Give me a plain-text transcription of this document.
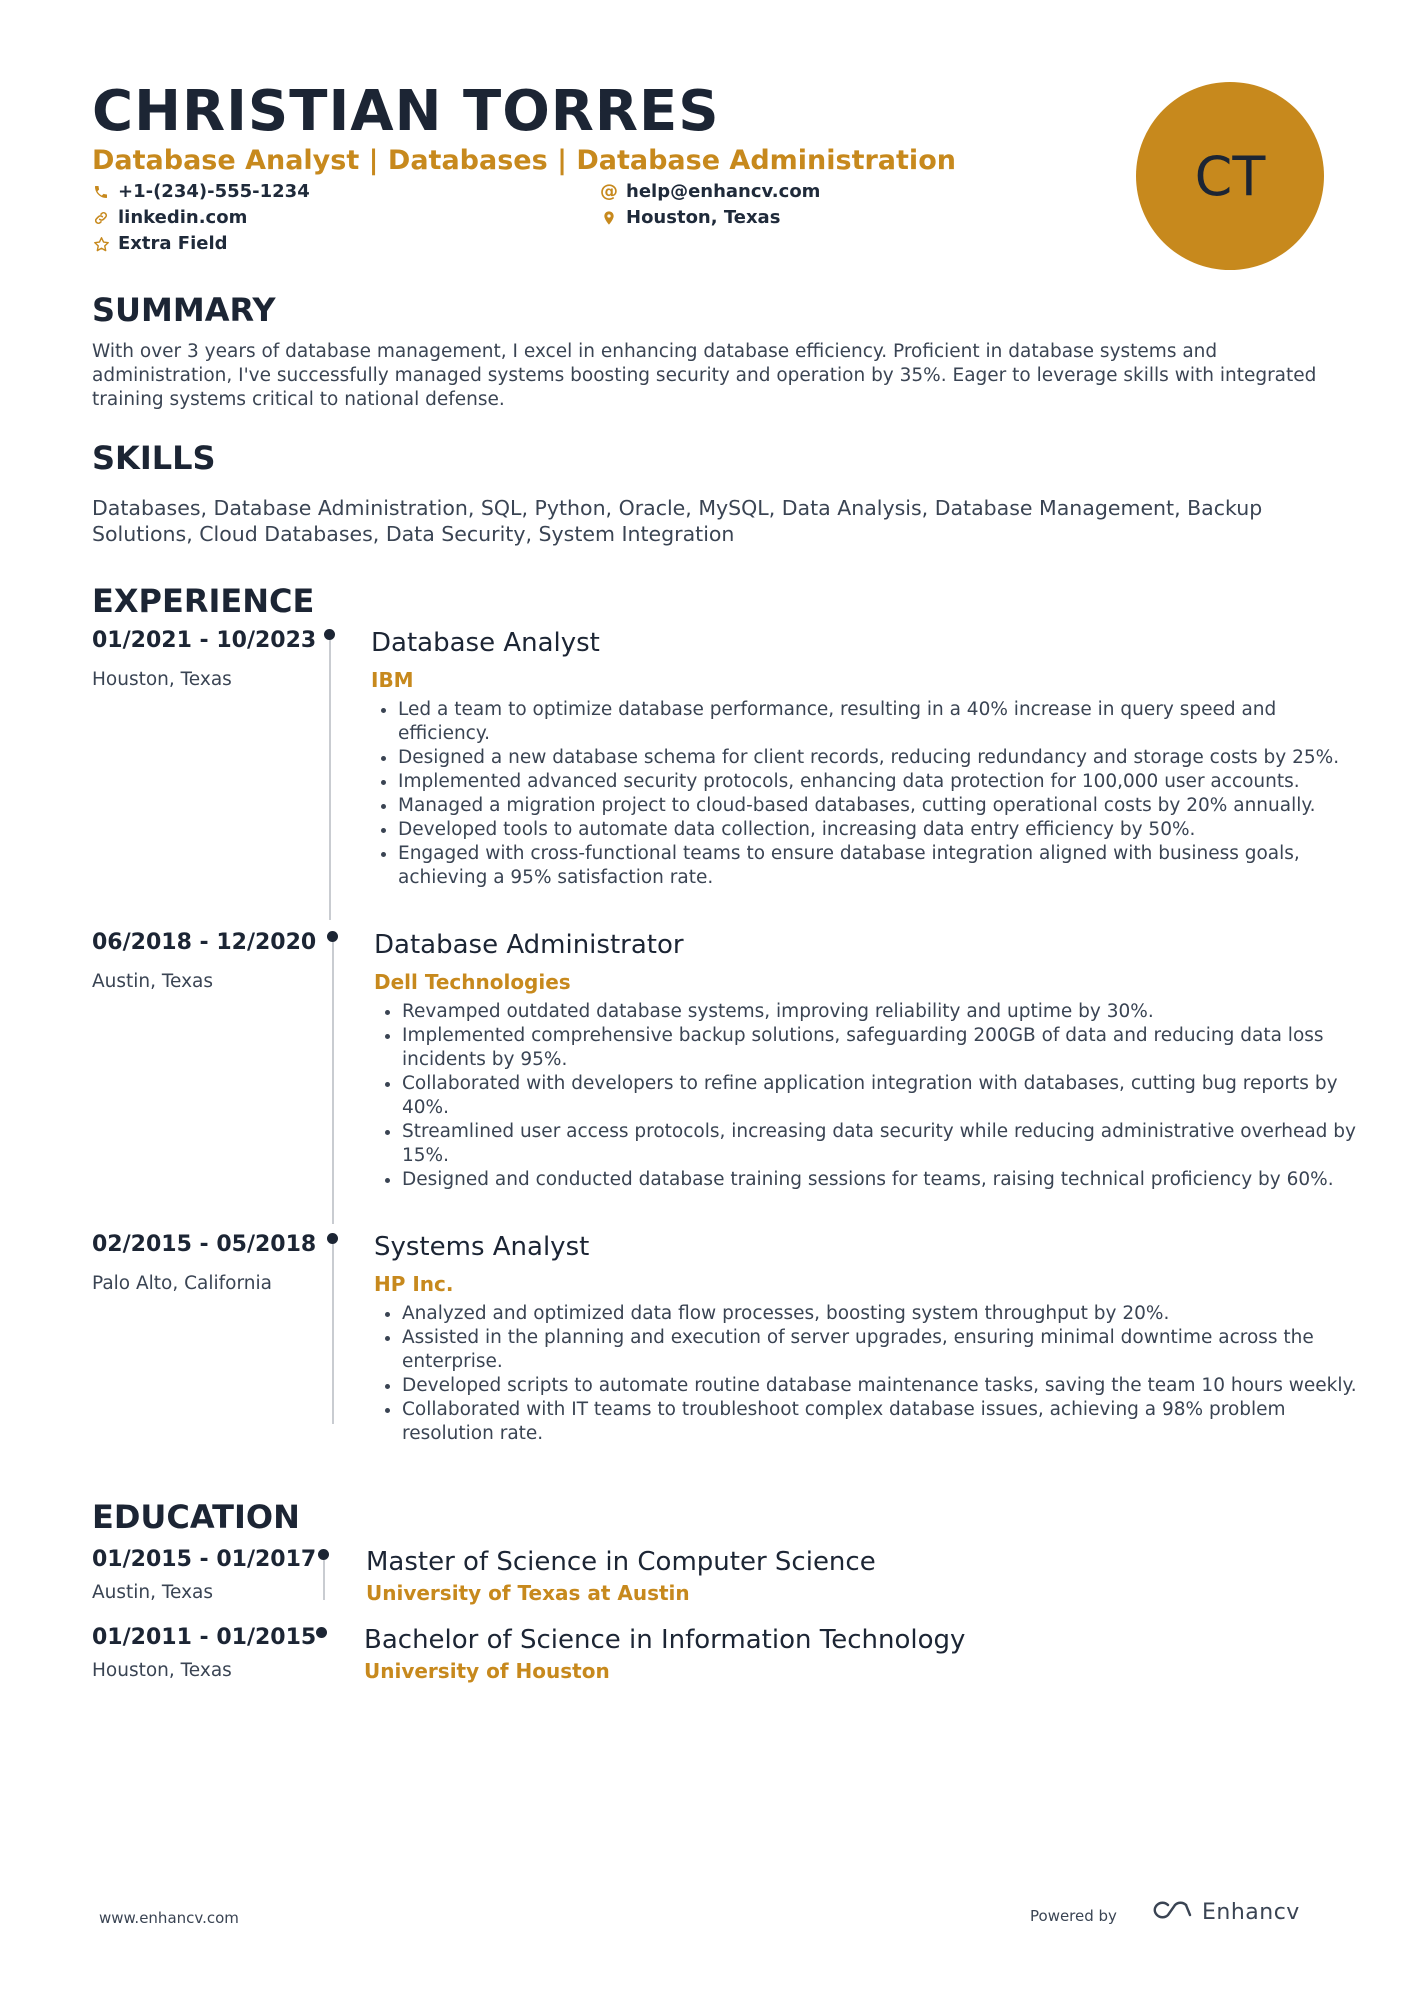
CHRISTIAN TORRES
Database Analyst | Databases | Database Administration
+1-(234)-555-1234	@ help@enhancv.com
linkedin.com	Houston, Texas
Extra Field
CT
SUMMARY

With over 3 years of database management, I excel in enhancing database efficiency. Proficient in database systems and administration, I've successfully managed systems boosting security and operation by 35%. Eager to leverage skills with integrated training systems critical to national defense.

SKILLS

Databases, Database Administration, SQL, Python, Oracle, MySQL, Data Analysis, Database Management, Backup Solutions, Cloud Databases, Data Security, System Integration

EXPERIENCE
01/2021 - 10/2023
Houston, Texas
Database Analyst
IBM
• Led a team to optimize database performance, resulting in a 40% increase in query speed and efficiency.
• Designed a new database schema for client records, reducing redundancy and storage costs by 25%.
• Implemented advanced security protocols, enhancing data protection for 100,000 user accounts.
• Managed a migration project to cloud-based databases, cutting operational costs by 20% annually.
• Developed tools to automate data collection, increasing data entry efficiency by 50%.
• Engaged with cross-functional teams to ensure database integration aligned with business goals, achieving a 95% satisfaction rate.
06/2018 - 12/2020
Austin, Texas
Database Administrator
Dell Technologies
• Revamped outdated database systems, improving reliability and uptime by 30%.
• Implemented comprehensive backup solutions, safeguarding 200GB of data and reducing data loss incidents by 95%.
• Collaborated with developers to refine application integration with databases, cutting bug reports by 40%.
• Streamlined user access protocols, increasing data security while reducing administrative overhead by 15%.
• Designed and conducted database training sessions for teams, raising technical proficiency by 60%.
02/2015 - 05/2018
Palo Alto, California
Systems Analyst
HP Inc.
• Analyzed and optimized data flow processes, boosting system throughput by 20%.
• Assisted in the planning and execution of server upgrades, ensuring minimal downtime across the enterprise.
• Developed scripts to automate routine database maintenance tasks, saving the team 10 hours weekly.
• Collaborated with IT teams to troubleshoot complex database issues, achieving a 98% problem resolution rate.
EDUCATION
01/2015 - 01/2017
Austin, Texas
Master of Science in Computer Science
University of Texas at Austin
01/2011 - 01/2015
Houston, Texas
Bachelor of Science in Information Technology
University of Houston
www.enhancv.com	Powered by	Enhancv
